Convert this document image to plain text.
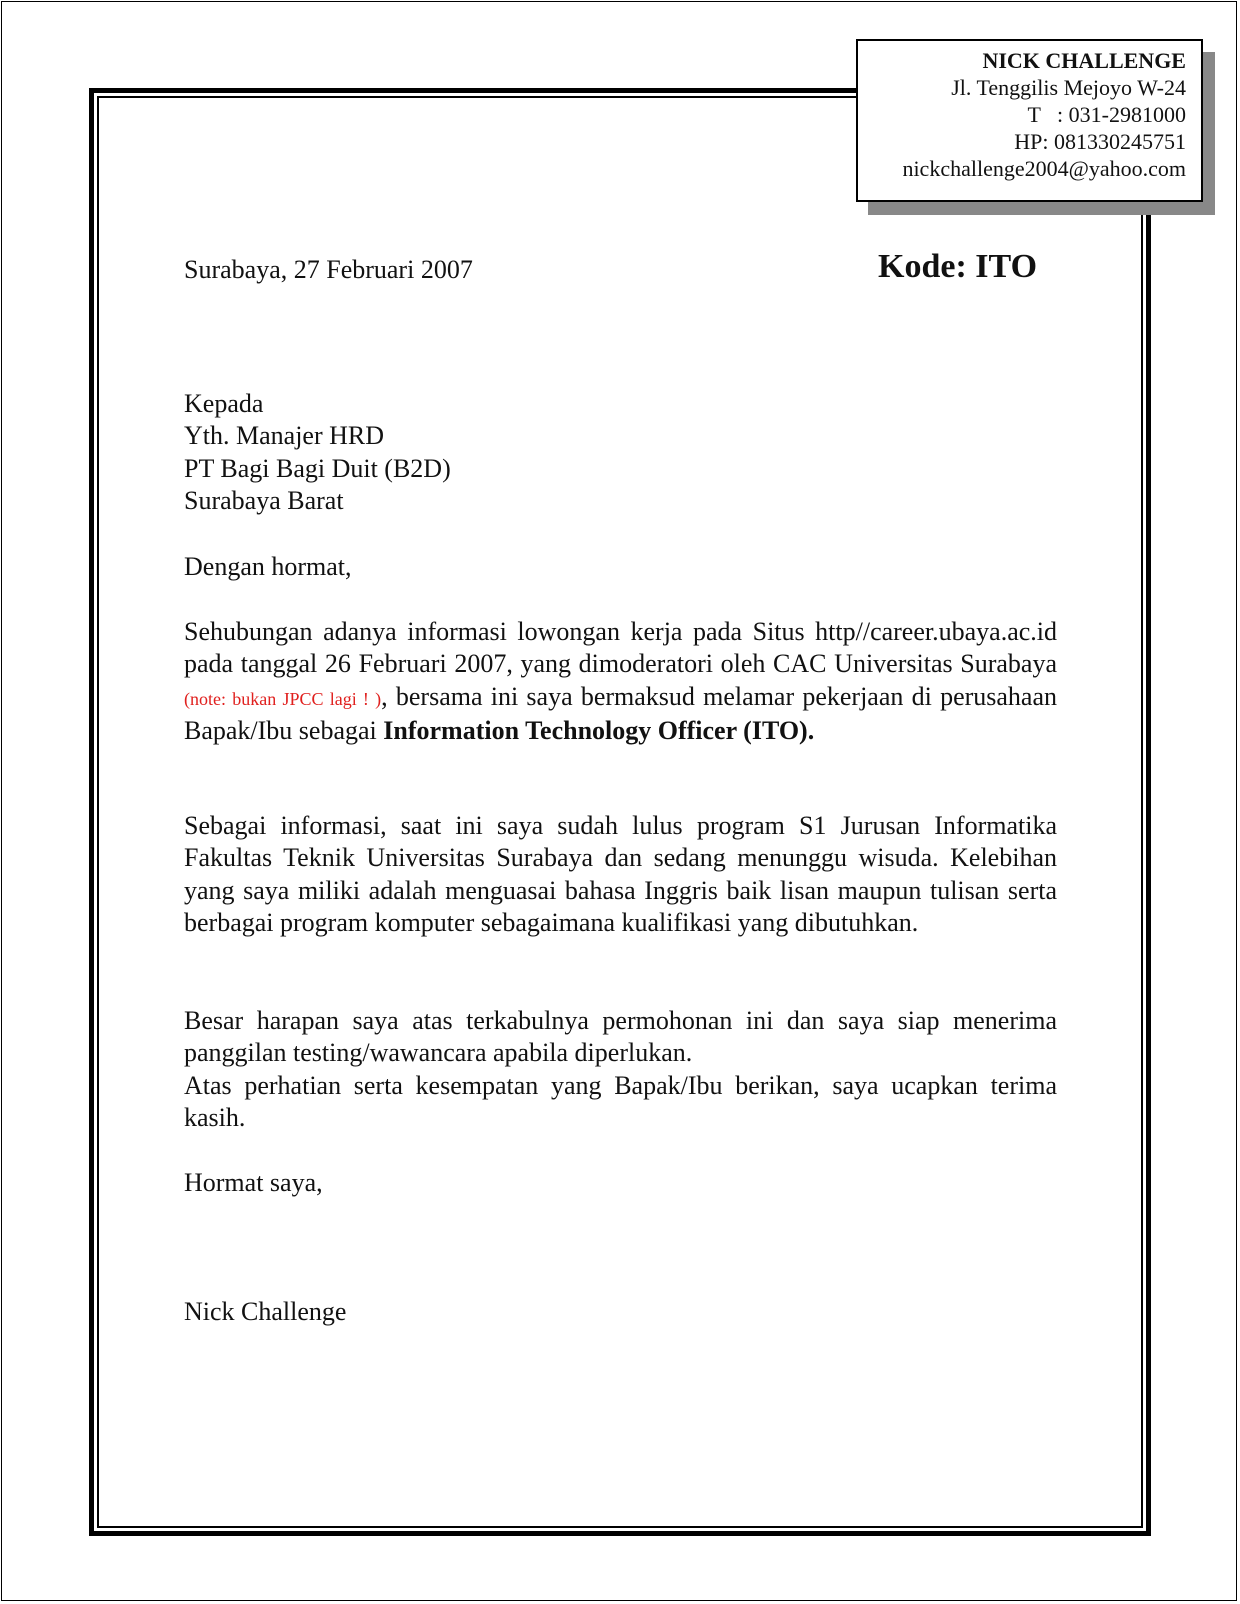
NICK CHALLENGE
Jl. Tenggilis Mejoyo W-24
T   : 031-2981000
HP: 081330245751
nickchallenge2004@yahoo.com
Surabaya, 27 Februari 2007	Kode: ITO
Kepada
Yth. Manajer HRD
PT Bagi Bagi Duit (B2D)
Surabaya Barat
Dengan hormat,
Sehubungan adanya informasi lowongan kerja pada Situs http//career.ubaya.ac.id pada tanggal 26 Februari 2007, yang dimoderatori oleh CAC Universitas Surabaya (note: bukan JPCC lagi ! ), bersama ini saya bermaksud melamar pekerjaan di perusahaan Bapak/Ibu sebagai Information Technology Officer (ITO).
Sebagai informasi, saat ini saya sudah lulus program S1 Jurusan Informatika Fakultas Teknik Universitas Surabaya dan sedang menunggu wisuda. Kelebihan yang saya miliki adalah menguasai bahasa Inggris baik lisan maupun tulisan serta berbagai program komputer sebagaimana kualifikasi yang dibutuhkan.
Besar harapan saya atas terkabulnya permohonan ini dan saya siap menerima panggilan testing/wawancara apabila diperlukan.
Atas perhatian serta kesempatan yang Bapak/Ibu berikan, saya ucapkan terima kasih.
Hormat saya,
Nick Challenge
